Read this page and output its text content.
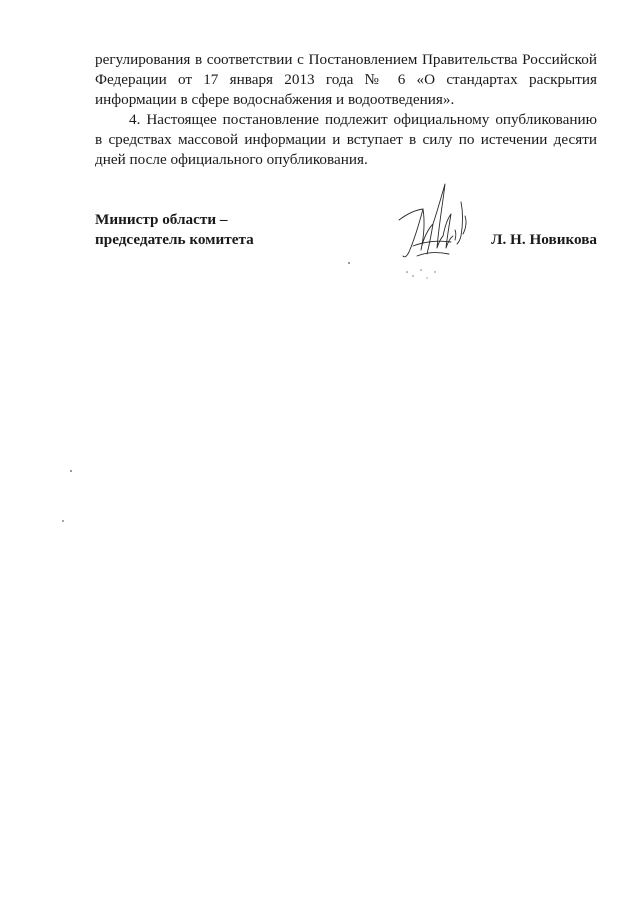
регулирования в соответствии с Постановлением Правительства Российской Федерации от 17 января 2013 года № 6 «О стандартах раскрытия информации в сфере водоснабжения и водоотведения».

4. Настоящее постановление подлежит официальному опубликованию в средствах массовой информации и вступает в силу по истечении десяти дней после официального опубликования.

Министр области –
председатель комитета	Л. Н. Новикова
